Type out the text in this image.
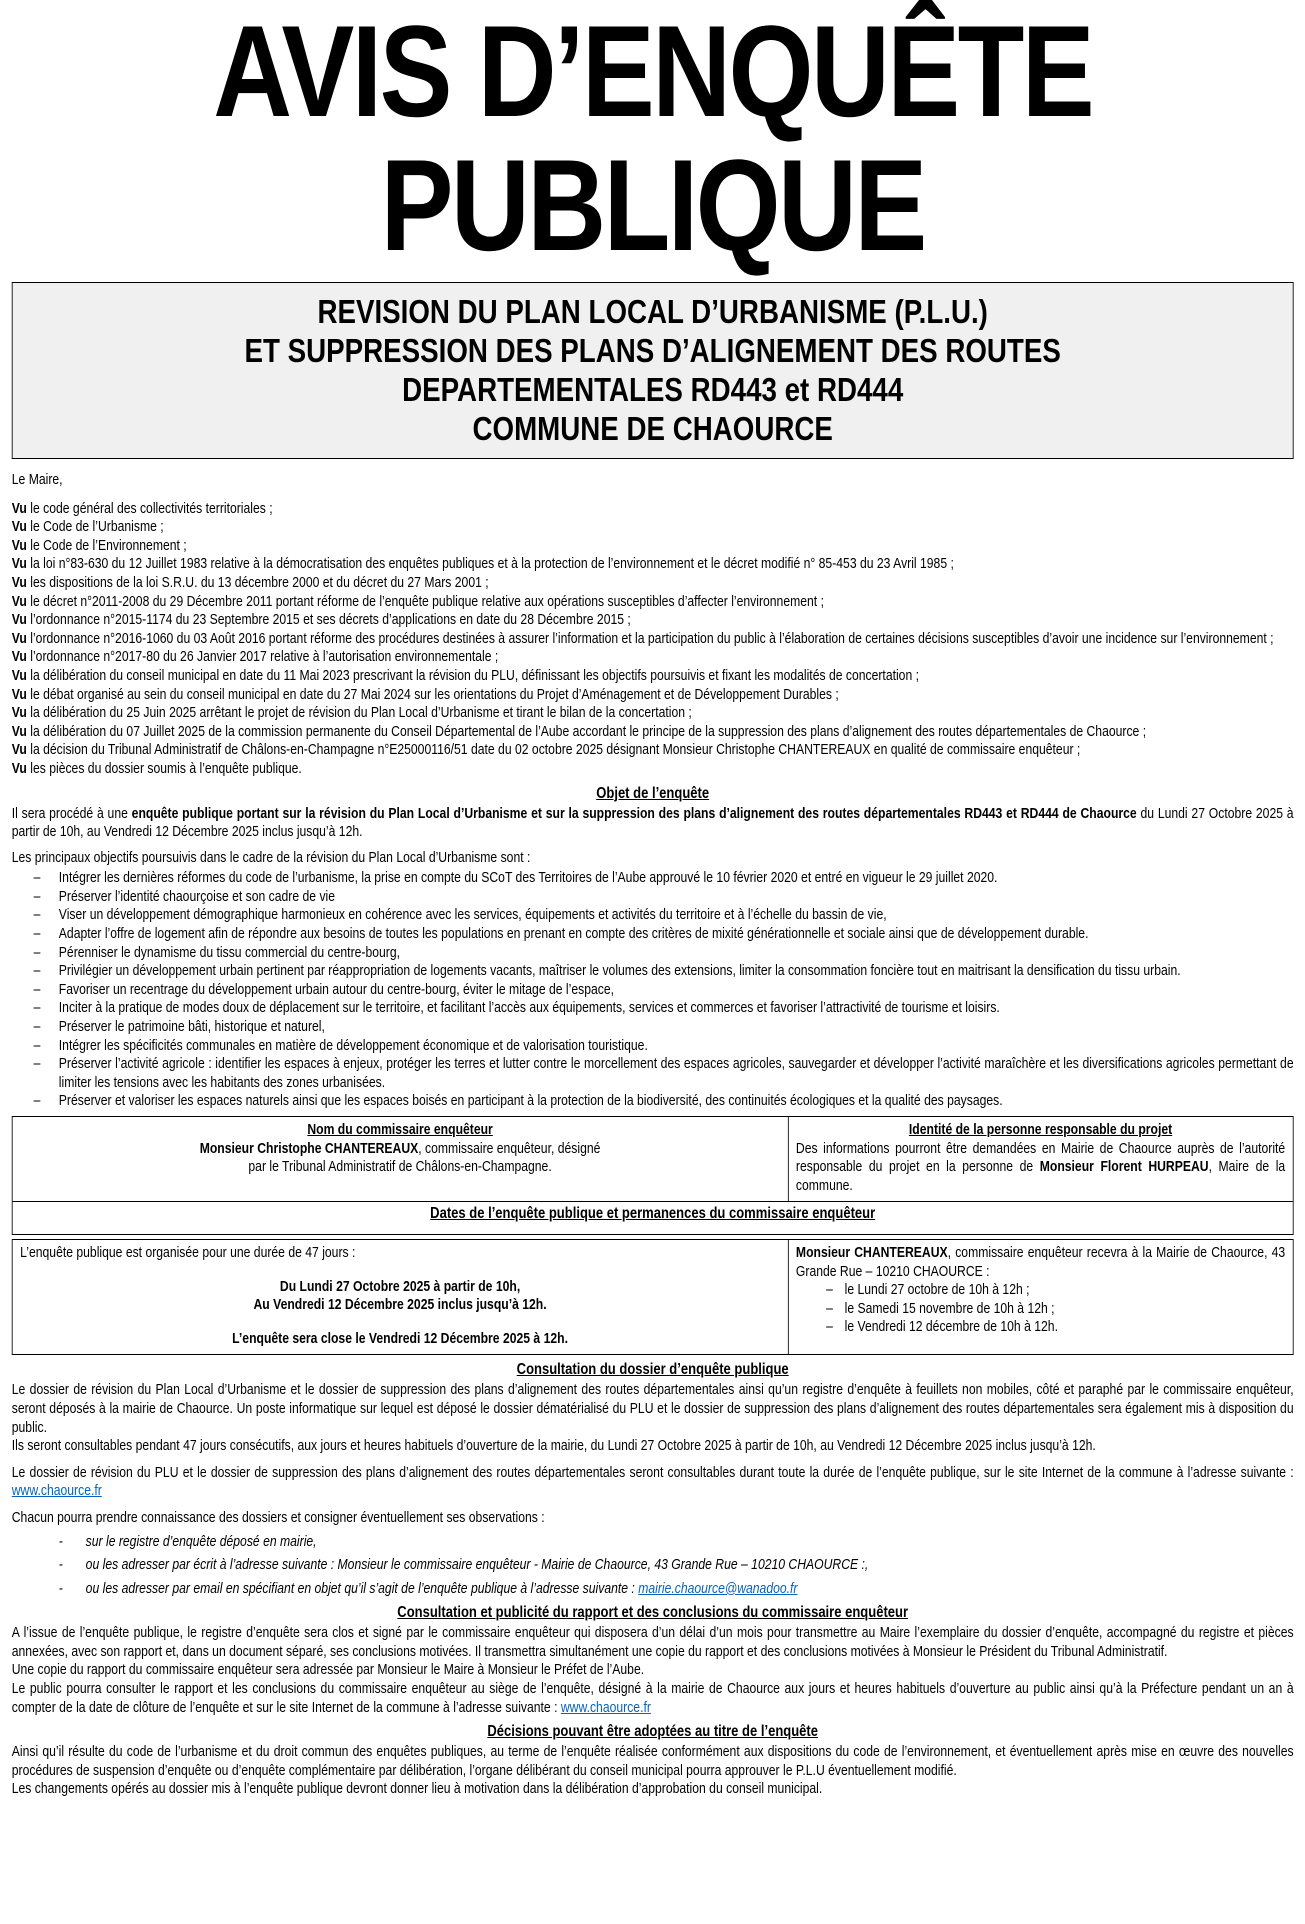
AVIS D’ENQUÊTE
PUBLIQUE
REVISION DU PLAN LOCAL D’URBANISME (P.L.U.)
ET SUPPRESSION DES PLANS D’ALIGNEMENT DES ROUTES
DEPARTEMENTALES RD443 et RD444
COMMUNE DE CHAOURCE

Le Maire,

Vu le code général des collectivités territoriales ;

Vu le Code de l’Urbanisme ;

Vu le Code de l’Environnement ;

Vu la loi n°83-630 du 12 Juillet 1983 relative à la démocratisation des enquêtes publiques et à la protection de l’environnement et le décret modifié n° 85-453 du 23 Avril 1985 ;

Vu les dispositions de la loi S.R.U. du 13 décembre 2000 et du décret du 27 Mars 2001 ;

Vu le décret n°2011-2008 du 29 Décembre 2011 portant réforme de l’enquête publique relative aux opérations susceptibles d’affecter l’environnement ;

Vu l’ordonnance n°2015-1174 du 23 Septembre 2015 et ses décrets d’applications en date du 28 Décembre 2015 ;

Vu l’ordonnance n°2016-1060 du 03 Août 2016 portant réforme des procédures destinées à assurer l’information et la participation du public à l’élaboration de certaines décisions susceptibles d’avoir une incidence sur l’environnement ;

Vu l’ordonnance n°2017-80 du 26 Janvier 2017 relative à l’autorisation environnementale ;

Vu la délibération du conseil municipal en date du 11 Mai 2023 prescrivant la révision du PLU, définissant les objectifs poursuivis et fixant les modalités de concertation ;

Vu le débat organisé au sein du conseil municipal en date du 27 Mai 2024 sur les orientations du Projet d’Aménagement et de Développement Durables ;

Vu la délibération du 25 Juin 2025 arrêtant le projet de révision du Plan Local d’Urbanisme et tirant le bilan de la concertation ;

Vu la délibération du 07 Juillet 2025 de la commission permanente du Conseil Départemental de l’Aube accordant le principe de la suppression des plans d’alignement des routes départementales de Chaource ;

Vu la décision du Tribunal Administratif de Châlons-en-Champagne n°E25000116/51 date du 02 octobre 2025 désignant Monsieur Christophe CHANTEREAUX en qualité de commissaire enquêteur ;

Vu les pièces du dossier soumis à l’enquête publique.

Objet de l’enquête

Il sera procédé à une enquête publique portant sur la révision du Plan Local d’Urbanisme et sur la suppression des plans d’alignement des routes départementales RD443 et RD444 de Chaource du Lundi 27 Octobre 2025 à partir de 10h, au Vendredi 12 Décembre 2025 inclus jusqu’à 12h.

Les principaux objectifs poursuivis dans le cadre de la révision du Plan Local d’Urbanisme sont :

– Intégrer les dernières réformes du code de l’urbanisme, la prise en compte du SCoT des Territoires de l’Aube approuvé le 10 février 2020 et entré en vigueur le 29 juillet 2020.
– Préserver l’identité chaourçoise et son cadre de vie
– Viser un développement démographique harmonieux en cohérence avec les services, équipements et activités du territoire et à l’échelle du bassin de vie,
– Adapter l’offre de logement afin de répondre aux besoins de toutes les populations en prenant en compte des critères de mixité générationnelle et sociale ainsi que de développement durable.
– Pérenniser le dynamisme du tissu commercial du centre-bourg,
– Privilégier un développement urbain pertinent par réappropriation de logements vacants, maîtriser le volumes des extensions, limiter la consommation foncière tout en maitrisant la densification du tissu urbain.
– Favoriser un recentrage du développement urbain autour du centre-bourg, éviter le mitage de l’espace,
– Inciter à la pratique de modes doux de déplacement sur le territoire, et facilitant l’accès aux équipements, services et commerces et favoriser l’attractivité de tourisme et loisirs.
– Préserver le patrimoine bâti, historique et naturel,
– Intégrer les spécificités communales en matière de développement économique et de valorisation touristique.
– Préserver l’activité agricole : identifier les espaces à enjeux, protéger les terres et lutter contre le morcellement des espaces agricoles, sauvegarder et développer l’activité maraîchère et les diversifications agricoles permettant de limiter les tensions avec les habitants des zones urbanisées.
– Préserver et valoriser les espaces naturels ainsi que les espaces boisés en participant à la protection de la biodiversité, des continuités écologiques et la qualité des paysages.
Nom du commissaire enquêteur

Monsieur Christophe CHANTEREAUX, commissaire enquêteur, désigné

par le Tribunal Administratif de Châlons-en-Champagne.

Identité de la personne responsable du projet

Des informations pourront être demandées en Mairie de Chaource auprès de l’autorité responsable du projet en la personne de Monsieur Florent HURPEAU, Maire de la commune.

Dates de l’enquête publique et permanences du commissaire enquêteur

L’enquête publique est organisée pour une durée de 47 jours :

Du Lundi 27 Octobre 2025 à partir de 10h,

Au Vendredi 12 Décembre 2025 inclus jusqu’à 12h.

L’enquête sera close le Vendredi 12 Décembre 2025 à 12h.

Monsieur CHANTEREAUX, commissaire enquêteur recevra à la Mairie de Chaource, 43 Grande Rue – 10210 CHAOURCE :

– le Lundi 27 octobre de 10h à 12h ;
– le Samedi 15 novembre de 10h à 12h ;
– le Vendredi 12 décembre de 10h à 12h.
Consultation du dossier d’enquête publique

Le dossier de révision du Plan Local d’Urbanisme et le dossier de suppression des plans d’alignement des routes départementales ainsi qu’un registre d’enquête à feuillets non mobiles, côté et paraphé par le commissaire enquêteur, seront déposés à la mairie de Chaource. Un poste informatique sur lequel est déposé le dossier dématérialisé du PLU et le dossier de suppression des plans d’alignement des routes départementales sera également mis à disposition du public.

Ils seront consultables pendant 47 jours consécutifs, aux jours et heures habituels d’ouverture de la mairie, du Lundi 27 Octobre 2025 à partir de 10h, au Vendredi 12 Décembre 2025 inclus jusqu’à 12h.

Le dossier de révision du PLU et le dossier de suppression des plans d’alignement des routes départementales seront consultables durant toute la durée de l’enquête publique, sur le site Internet de la commune à l’adresse suivante : www.chaource.fr

Chacun pourra prendre connaissance des dossiers et consigner éventuellement ses observations :

- sur le registre d’enquête déposé en mairie,
- ou les adresser par écrit à l’adresse suivante : Monsieur le commissaire enquêteur - Mairie de Chaource, 43 Grande Rue – 10210 CHAOURCE :,
- ou les adresser par email en spécifiant en objet qu’il s’agit de l’enquête publique à l’adresse suivante : mairie.chaource@wanadoo.fr
Consultation et publicité du rapport et des conclusions du commissaire enquêteur

A l’issue de l’enquête publique, le registre d’enquête sera clos et signé par le commissaire enquêteur qui disposera d’un délai d’un mois pour transmettre au Maire l’exemplaire du dossier d’enquête, accompagné du registre et pièces annexées, avec son rapport et, dans un document séparé, ses conclusions motivées. Il transmettra simultanément une copie du rapport et des conclusions motivées à Monsieur le Président du Tribunal Administratif.

Une copie du rapport du commissaire enquêteur sera adressée par Monsieur le Maire à Monsieur le Préfet de l’Aube.

Le public pourra consulter le rapport et les conclusions du commissaire enquêteur au siège de l’enquête, désigné à la mairie de Chaource aux jours et heures habituels d’ouverture au public ainsi qu’à la Préfecture pendant un an à compter de la date de clôture de l’enquête et sur le site Internet de la commune à l’adresse suivante : www.chaource.fr

Décisions pouvant être adoptées au titre de l’enquête

Ainsi qu’il résulte du code de l’urbanisme et du droit commun des enquêtes publiques, au terme de l’enquête réalisée conformément aux dispositions du code de l’environnement, et éventuellement après mise en œuvre des nouvelles procédures de suspension d’enquête ou d’enquête complémentaire par délibération, l’organe délibérant du conseil municipal pourra approuver le P.L.U éventuellement modifié.

Les changements opérés au dossier mis à l’enquête publique devront donner lieu à motivation dans la délibération d’approbation du conseil municipal.
